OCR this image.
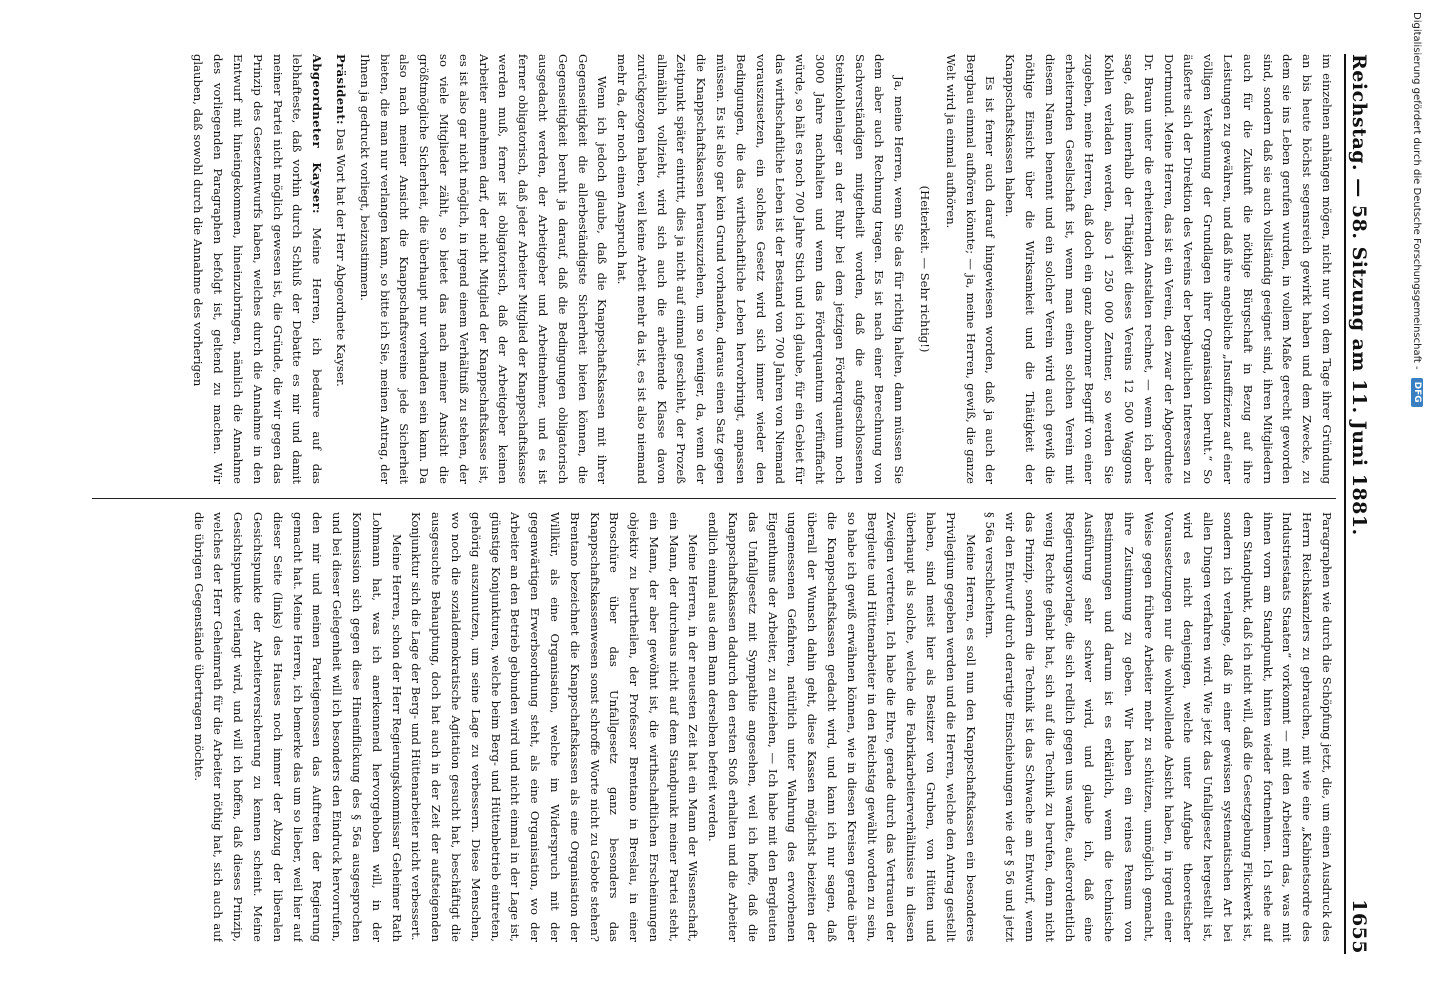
Reichstag. — 58. Sitzung am 11. Juni 1881.
1655

im einzelnen anhängen mögen, nicht nur von dem Tage ihrer Gründung an bis heute höchst segensreich gewirkt haben und dem Zwecke, zu dem sie ins Leben gerufen wurden, in vollem Maße gerecht geworden sind, sondern daß sie auch vollständig geeignet sind, ihren Mitgliedern auch für die Zukunft die nöthige Bürgschaft in Bezug auf ihre Leistungen zu gewähren, und daß ihre angebliche „Insuffizienz auf einer völligen Verkennung der Grundlagen ihrer Organisation beruht.“ So äußerte sich der Direktion des Vereins der bergbaulichen Interessen zu Dortmund. Meine Herren, das ist ein Verein, den zwar der Abgeordnete Dr. Braun unter die erheiternden Anstalten rechnet, — wenn ich aber sage, daß innerhalb der Thätigkeit dieses Vereins 12 500 Waggons Kohlen verladen werden, also 1 250 000 Zentner, so werden Sie zugeben, meine Herren, daß doch ein ganz abnormer Begriff von einer erheiternden Gesellschaft ist, wenn man einen solchen Verein mit diesem Namen benennt und ein solcher Verein wird auch gewiß die nöthige Einsicht über die Wirksamkeit und die Thätigkeit der Knappschaftskassen haben.

Es ist ferner auch darauf hingewiesen worden, daß ja auch der Bergbau einmal aufhören könnte; — ja, meine Herren, gewiß, die ganze Welt wird ja einmal aufhören.

(Heiterkeit. — Sehr richtig!)

Ja, meine Herren, wenn Sie das für richtig halten, dann müssen Sie dem aber auch Rechnung tragen. Es ist nach einer Berechnung von Sachverständigen mitgetheilt worden, daß die aufgeschlossenen Steinkohlenlager an der Ruhr bei dem jetzigen Förderquantum noch 3000 Jahre nachhalten und wenn das Förderquantum verfünffacht würde, so hält es noch 700 Jahre Stich und ich glaube, für ein Gebiet für das wirthschaftliche Leben ist der Bestand von 700 Jahren von Niemand vorauszusetzen, ein solches Gesetz wird sich immer wieder den Bedingungen, die das wirthschaftliche Leben hervorbringt, anpassen müssen. Es ist also gar kein Grund vorhanden, daraus einen Satz gegen die Knappschaftskassen herauszuziehen, um so weniger, da, wenn der Zeitpunkt später eintritt, dies ja nicht auf einmal geschieht, der Prozeß allmählich vollzieht, wird sich auch die arbeitende Klasse davon zurückgezogen haben, weil keine Arbeit mehr da ist, es ist also niemand mehr da, der noch einen Anspruch hat.

Wenn ich jedoch glaube, daß die Knappschaftskassen mit ihrer Gegenseitigkeit die allerbeständigste Sicherheit bieten können, die Gegenseitigkeit beruht ja darauf, daß die Bedingungen obligatorisch ausgedacht werden, der Arbeitgeber und Arbeitnehmer, und es ist ferner obligatorisch, daß jeder Arbeiter Mitglied der Knappschaftskasse werden muß, ferner ist obligatorisch, daß der Arbeitgeber keinen Arbeiter annehmen darf, der nicht Mitglied der Knappschaftskasse ist, es ist also gar nicht möglich, in irgend einem Verhältniß zu stehen, der so viele Mitglieder zählt, so bietet das nach meiner Ansicht die größtmögliche Sicherheit, die überhaupt nur vorhanden sein kann. Da also nach meiner Ansicht die Knappschaftsvereine jede Sicherheit bieten, die man nur verlangen kann, so bitte ich Sie, meinen Antrag, der Ihnen ja gedruckt vorliegt, beizustimmen.

Präsident: Das Wort hat der Herr Abgeordnete Kayser.

Abgeordneter Kayser: Meine Herren, ich bedaure auf das lebhafteste, daß vorhin durch Schluß der Debatte es mir und damit meiner Partei nicht möglich gewesen ist, die Gründe, die wir gegen das Prinzip des Gesetzentwurfs haben, welches durch die Annahme in den Entwurf mit hineingekommen, hineinzubringen, nämlich die Annahme des vorliegenden Paragraphen befolgt ist, geltend zu machen. Wir glauben, daß sowohl durch die Annahme des vorherigen

Paragraphen wie durch die Schöpfung jetzt, die, um einen Ausdruck des Herrn Reichskanzlers zu gebrauchen, mit wie eine „Kabinetsordre des Industriestaats Staaten“ vorkommt — mit den Arbeitern das, was mit ihnen vorn am Standpunkt, hinten wieder fortnehmen. Ich stehe auf dem Standpunkt, daß ich nicht will, daß die Gesetzgebung Flickwerk ist, sondern ich verlange, daß in einer gewissen systematischen Art bei allen Dingen verfahren wird. Wie jetzt das Unfallgesetz hergestellt ist, wird es nicht denjenigen, welche unter Aufgabe theoretischer Voraussetzungen nur die wohlwollende Absicht haben, in irgend einer Weise gegen frühere Arbeiter mehr zu schützen, unmöglich gemacht, ihre Zustimmung zu geben. Wir haben ein reines Pensum von Bestimmungen und darum ist es erklärlich, wenn die technische Ausführung sehr schwer wird, und glaube ich, daß eine Regierungsvorlage, die sich redlich gegen uns wandte, außerordentlich wenig Rechte gehabt hat, sich auf die Technik zu berufen, denn nicht das Prinzip, sondern die Technik ist das Schwache am Entwurf, wenn wir den Entwurf durch derartige Einschiebungen wie der § 56 und jetzt § 56a verschlechtern.

Meine Herren, es soll nun den Knappschaftskassen ein besonderes Privilegium gegeben werden und die Herren, welche den Antrag gestellt haben, sind meist hier als Besitzer von Gruben, von Hütten und überhaupt als solche, welche die Fabrikarbeiterverhältnisse in diesen Zweigen vertreten. Ich habe die Ehre, gerade durch das Vertrauen der Bergleute und Hüttenarbeiter in den Reichstag gewählt worden zu sein, so habe ich gewiß erwähnen können, wie in diesen Kreisen gerade über die Knappschaftskassen gedacht wird, und kann ich nur sagen, daß überall der Wunsch dahin geht, diese Kassen möglichst beizeiten der ungemessenen Gefahren, natürlich unter Wahrung des erworbenen Eigenthums der Arbeiter, zu entziehen, — Ich habe mit den Bergleuten das Unfallgesetz mit Sympathie angesehen, weil ich hoffe, daß die Knappschaftskassen dadurch den ersten Stoß erhalten und die Arbeiter endlich einmal aus dem Bann derselben befreit werden.

Meine Herren, in der neuesten Zeit hat ein Mann der Wissenschaft, ein Mann, der durchaus nicht auf dem Standpunkt meiner Partei steht, ein Mann, der aber gewöhnt ist, die wirthschaftlichen Erscheinungen objektiv zu beurtheilen, der Professor Brentano in Breslau, in einer Broschüre über das Unfallgesetz ganz besonders das Knappschaftskassenwesen sonst schroffe Worte nicht zu Gebote stehen? Brentano bezeichnet die Knappschaftskassen als eine Organisation der Willkür, als eine Organisation, welche im Widerspruch mit der gegenwärtigen Erwerbsordnung steht, als eine Organisation, wo der Arbeiter an den Betrieb gebunden wird und nicht einmal in der Lage ist, günstige Konjunkturen, welche beim Berg- und Hüttenbetrieb eintreten, gehörig auszunutzen, um seine Lage zu verbessern. Diese Menschen, wo noch die sozialdemokratische Agitation gesucht hat, beschäftigt die ausgesuchte Behauptung, doch hat auch in der Zeit der aufsteigenden Konjunktur sich die Lage der Berg- und Hüttenarbeiter nicht verbessert.

Meine Herren, schon der Herr Regierungskommissar Geheimer Rath Lohmann hat, was ich anerkennend hervorgehoben will, in der Kommission sich gegen diese Hineinflickung des § 56a ausgesprochen und bei dieser Gelegenheit will ich besonders den Eindruck hervorrufen, den mir und meinen Parteigenossen das Auftreten der Regierung gemacht hat. Meine Herren, ich bemerke das um so lieber, weil hier auf dieser Seite (links) des Hauses noch immer der Abzug der liberalen Gesichtspunkte der Arbeiterversicherung zu kennen scheint. Meine Gesichtspunkte verlangt wird, und will ich hoffen, daß dieses Prinzip, welches der Herr Geheimrath für die Arbeiter nöthig hat, sich auch auf die übrigen Gegenstände übertragen möchte.

Digitalisierung gefördert durch die Deutsche Forschungsgemeinschaft -
DFG
